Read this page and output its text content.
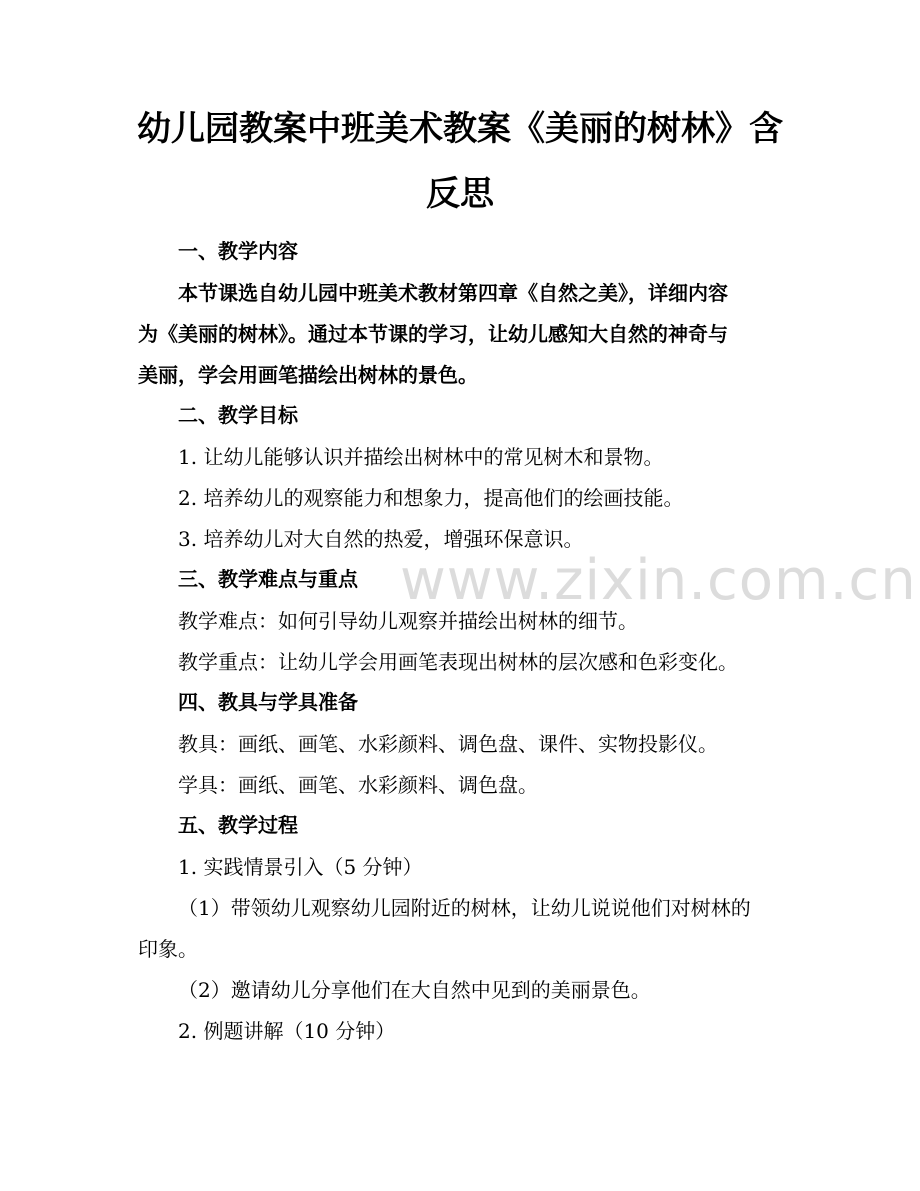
幼儿园教案中班美术教案《美丽的树林》含
反思
一、教学内容
本节课选自幼儿园中班美术教材第四章《自然之美》，详细内容
为《美丽的树林》。通过本节课的学习，让幼儿感知大自然的神奇与
美丽，学会用画笔描绘出树林的景色。
二、教学目标
1. 让幼儿能够认识并描绘出树林中的常见树木和景物。
2. 培养幼儿的观察能力和想象力，提高他们的绘画技能。
3. 培养幼儿对大自然的热爱，增强环保意识。
三、教学难点与重点
教学难点：如何引导幼儿观察并描绘出树林的细节。
教学重点：让幼儿学会用画笔表现出树林的层次感和色彩变化。
四、教具与学具准备
教具：画纸、画笔、水彩颜料、调色盘、课件、实物投影仪。
学具：画纸、画笔、水彩颜料、调色盘。
五、教学过程
1. 实践情景引入（5 分钟）
（1）带领幼儿观察幼儿园附近的树林，让幼儿说说他们对树林的
印象。
（2）邀请幼儿分享他们在大自然中见到的美丽景色。
2. 例题讲解（10 分钟）
www.zixin.com.cn
